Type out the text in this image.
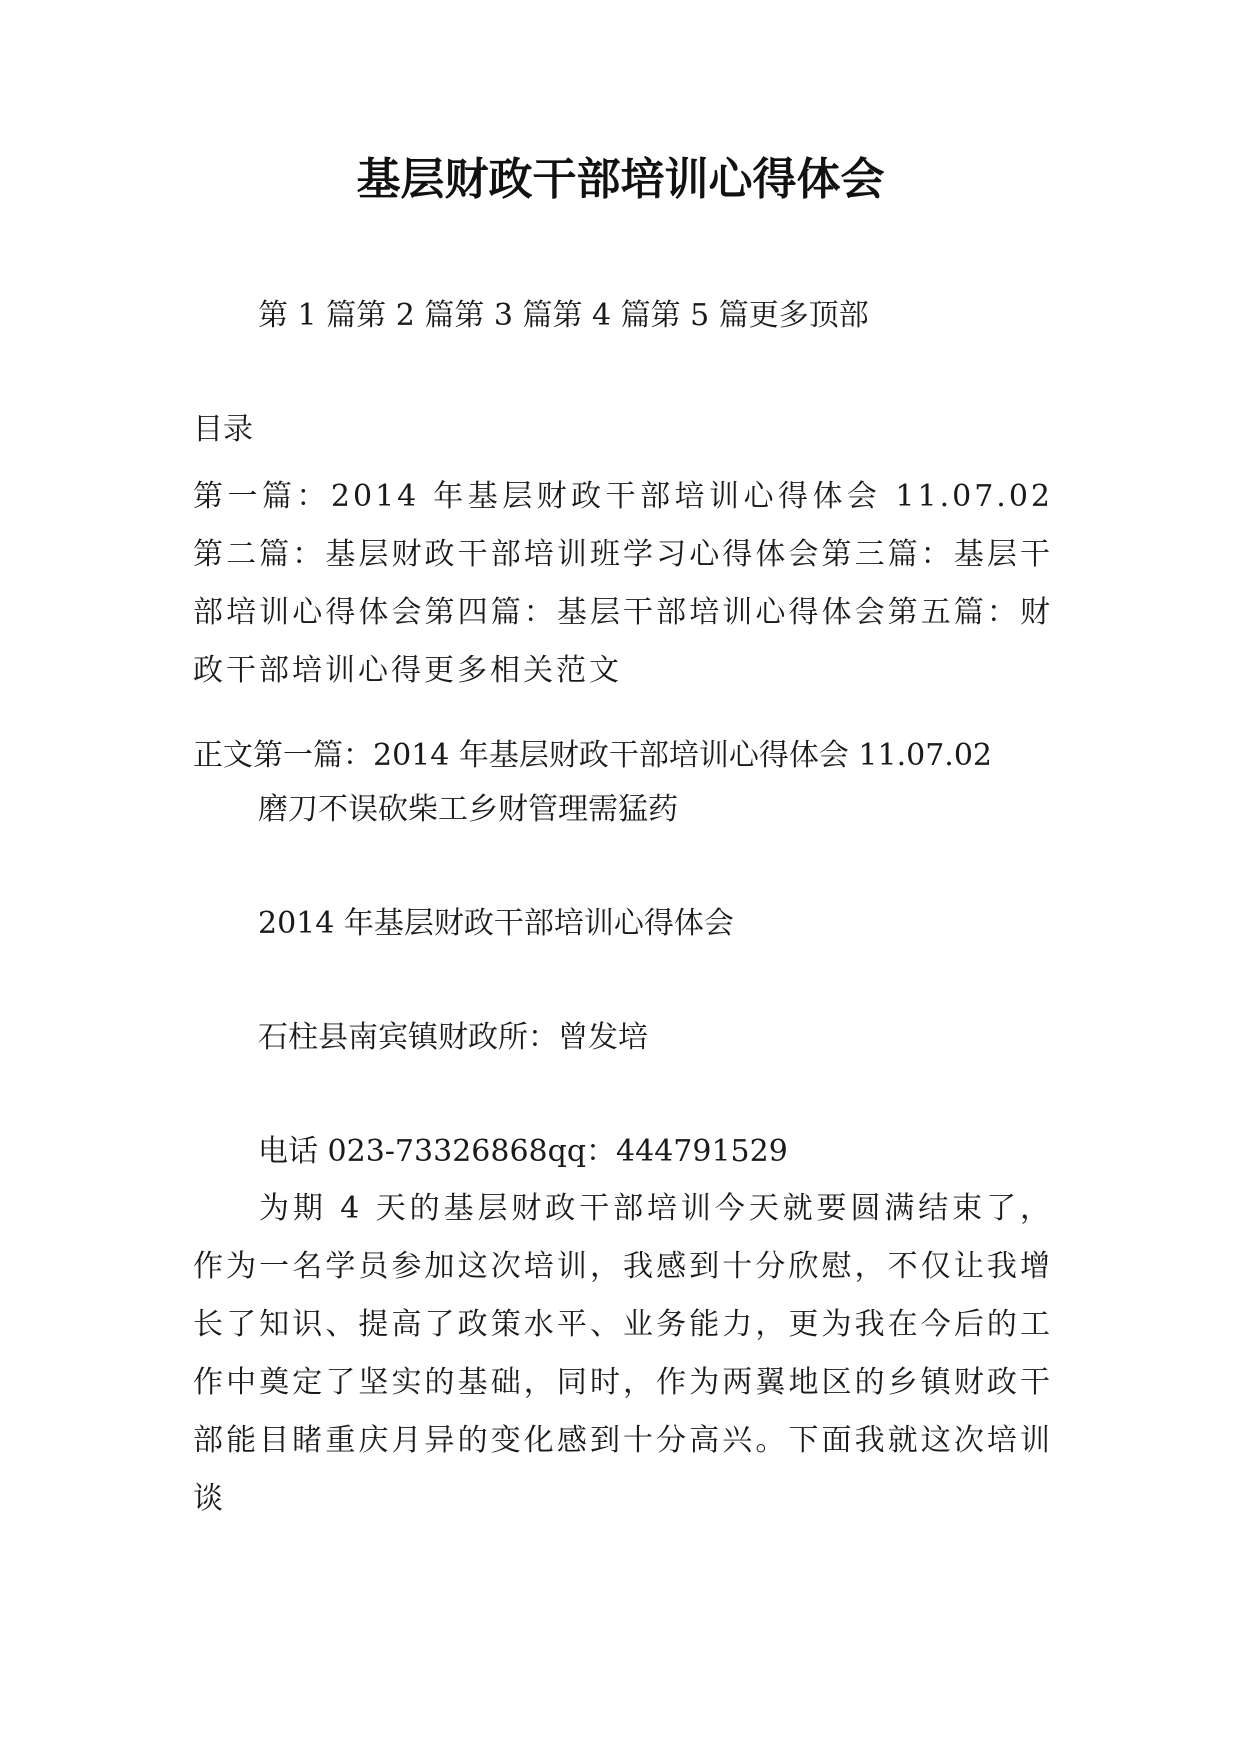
基层财政干部培训心得体会

第 1 篇第 2 篇第 3 篇第 4 篇第 5 篇更多顶部

目录

第一篇：2014 年基层财政干部培训心得体会 11.07.02 第二篇：基层财政干部培训班学习心得体会第三篇：基层干部培训心得体会第四篇：基层干部培训心得体会第五篇：财政干部培训心得更多相关范文

正文第一篇：2014 年基层财政干部培训心得体会 11.07.02

磨刀不误砍柴工乡财管理需猛药

2014 年基层财政干部培训心得体会

石柱县南宾镇财政所：曾发培

电话 023-73326868qq：444791529

为期 4 天的基层财政干部培训今天就要圆满结束了，作为一名学员参加这次培训，我感到十分欣慰，不仅让我增长了知识、提高了政策水平、业务能力，更为我在今后的工作中奠定了坚实的基础，同时，作为两翼地区的乡镇财政干部能目睹重庆月异的变化感到十分高兴。下面我就这次培训谈
